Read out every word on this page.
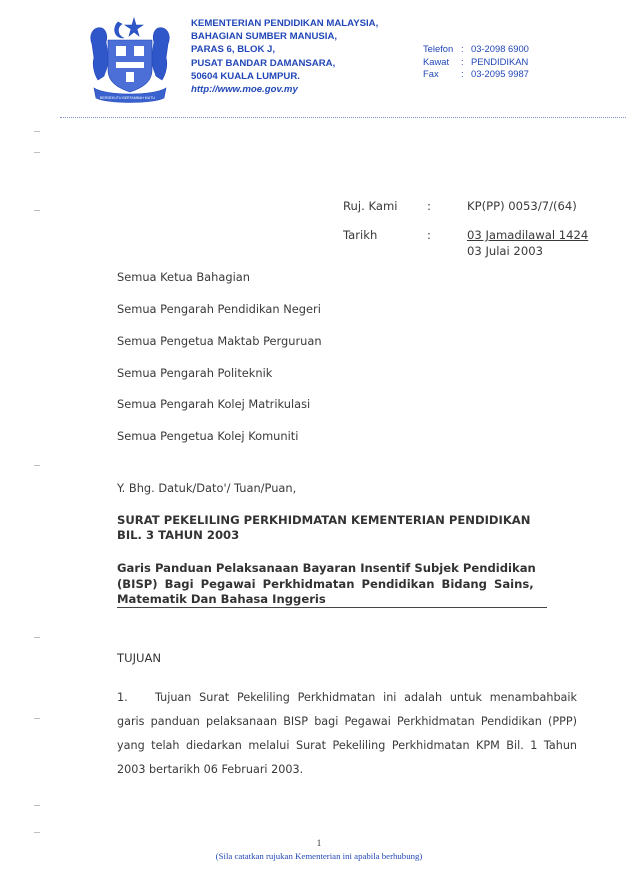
BERSEKUTU BERTAMBAH MUTU
KEMENTERIAN PENDIDIKAN MALAYSIA,
BAHAGIAN SUMBER MANUSIA,
PARAS 6, BLOK J,
PUSAT BANDAR DAMANSARA,
50604 KUALA LUMPUR.
http://www.moe.gov.my
Telefon : 03-2098 6900
Kawat : PENDIDIKAN
Fax : 03-2095 9987
Ruj. Kami	:	KP(PP) 0053/7/(64)
Tarikh	:	03 Jamadilawal 1424
03 Julai 2003
Semua Ketua Bahagian
Semua Pengarah Pendidikan Negeri
Semua Pengetua Maktab Perguruan
Semua Pengarah Politeknik
Semua Pengarah Kolej Matrikulasi
Semua Pengetua Kolej Komuniti
Y. Bhg. Datuk/Dato'/ Tuan/Puan,
SURAT PEKELILING PERKHIDMATAN KEMENTERIAN PENDIDIKAN
BIL. 3 TAHUN 2003
Garis Panduan Pelaksanaan Bayaran Insentif Subjek Pendidikan
(BISP) Bagi Pegawai Perkhidmatan Pendidikan Bidang Sains,
Matematik Dan Bahasa Inggeris
TUJUAN
1. Tujuan Surat Pekeliling Perkhidmatan ini adalah untuk menambahbaik garis panduan pelaksanaan BISP bagi Pegawai Perkhidmatan Pendidikan (PPP) yang telah diedarkan melalui Surat Pekeliling Perkhidmatan KPM Bil. 1 Tahun 2003 bertarikh 06 Februari 2003.
1
(Sila catatkan rujukan Kementerian ini apabila berhubung)
